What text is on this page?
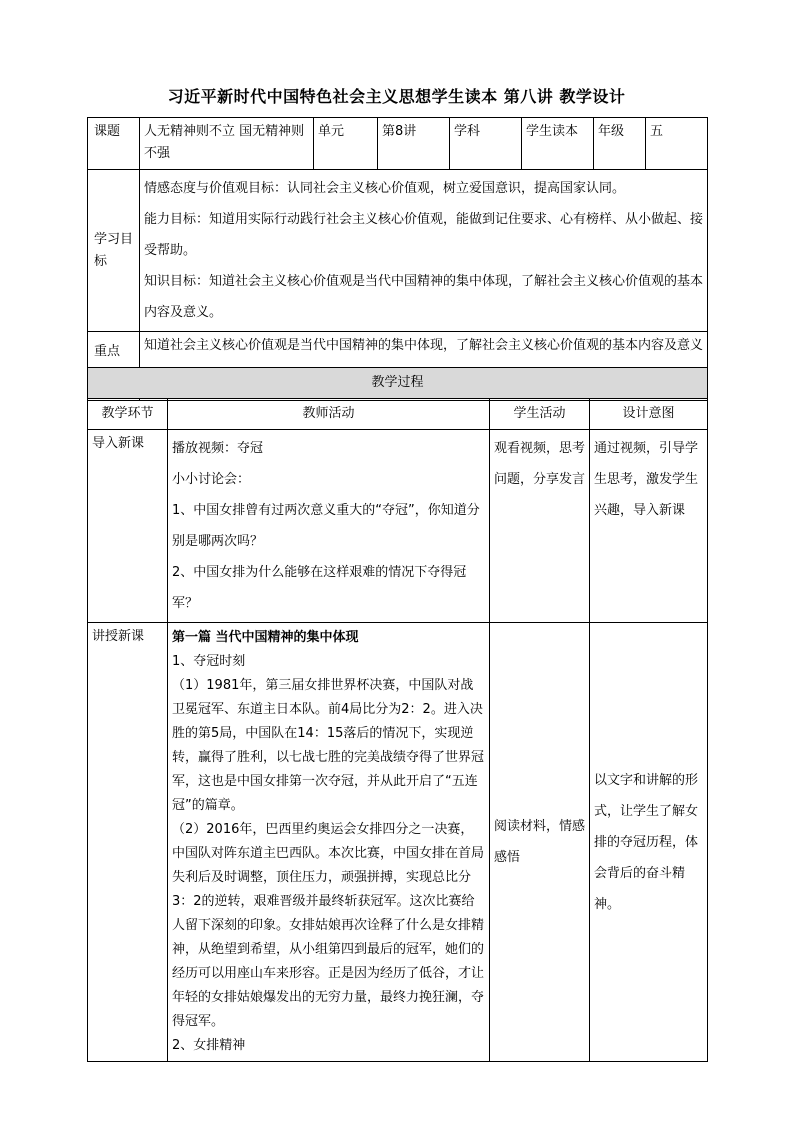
习近平新时代中国特色社会主义思想学生读本 第八讲 教学设计
课题	人无精神则不立 国无精神则不强	单元	第8讲	学科	学生读本	年级	五
学习目标	情感态度与价值观目标：认同社会主义核心价值观，树立爱国意识，提高国家认同。

能力目标：知道用实际行动践行社会主义核心价值观，能做到记住要求、心有榜样、从小做起、接受帮助。

知识目标：知道社会主义核心价值观是当代中国精神的集中体现，了解社会主义核心价值观的基本内容及意义。						

重点	知道社会主义核心价值观是当代中国精神的集中体现，了解社会主义核心价值观的基本内容及意义						

教学过程			
教学环节	教师活动	学生活动	设计意图
导入新课	播放视频：夺冠

小小讨论会：

1、中国女排曾有过两次意义重大的“夺冠”，你知道分别是哪两次吗？

2、中国女排为什么能够在这样艰难的情况下夺得冠军？	观看视频，思考问题，分享发言	通过视频，引导学生思考，激发学生兴趣，导入新课

讲授新课	第一篇 当代中国精神的集中体现

1、夺冠时刻

（1）1981年，第三届女排世界杯决赛，中国队对战卫冕冠军、东道主日本队。前4局比分为2：2。进入决胜的第5局，中国队在14：15落后的情况下，实现逆转，赢得了胜利，以七战七胜的完美战绩夺得了世界冠军，这也是中国女排第一次夺冠，并从此开启了“五连冠”的篇章。

（2）2016年，巴西里约奥运会女排四分之一决赛，中国队对阵东道主巴西队。本次比赛，中国女排在首局失利后及时调整，顶住压力，顽强拼搏，实现总比分3：2的逆转，艰难晋级并最终斩获冠军。这次比赛给人留下深刻的印象。女排姑娘再次诠释了什么是女排精神，从绝望到希望，从小组第四到最后的冠军，她们的经历可以用座山车来形容。正是因为经历了低谷，才让年轻的女排姑娘爆发出的无穷力量，最终力挽狂澜，夺得冠军。

2、女排精神	阅读材料，情感感悟	以文字和讲解的形式，让学生了解女排的夺冠历程，体会背后的奋斗精神。
